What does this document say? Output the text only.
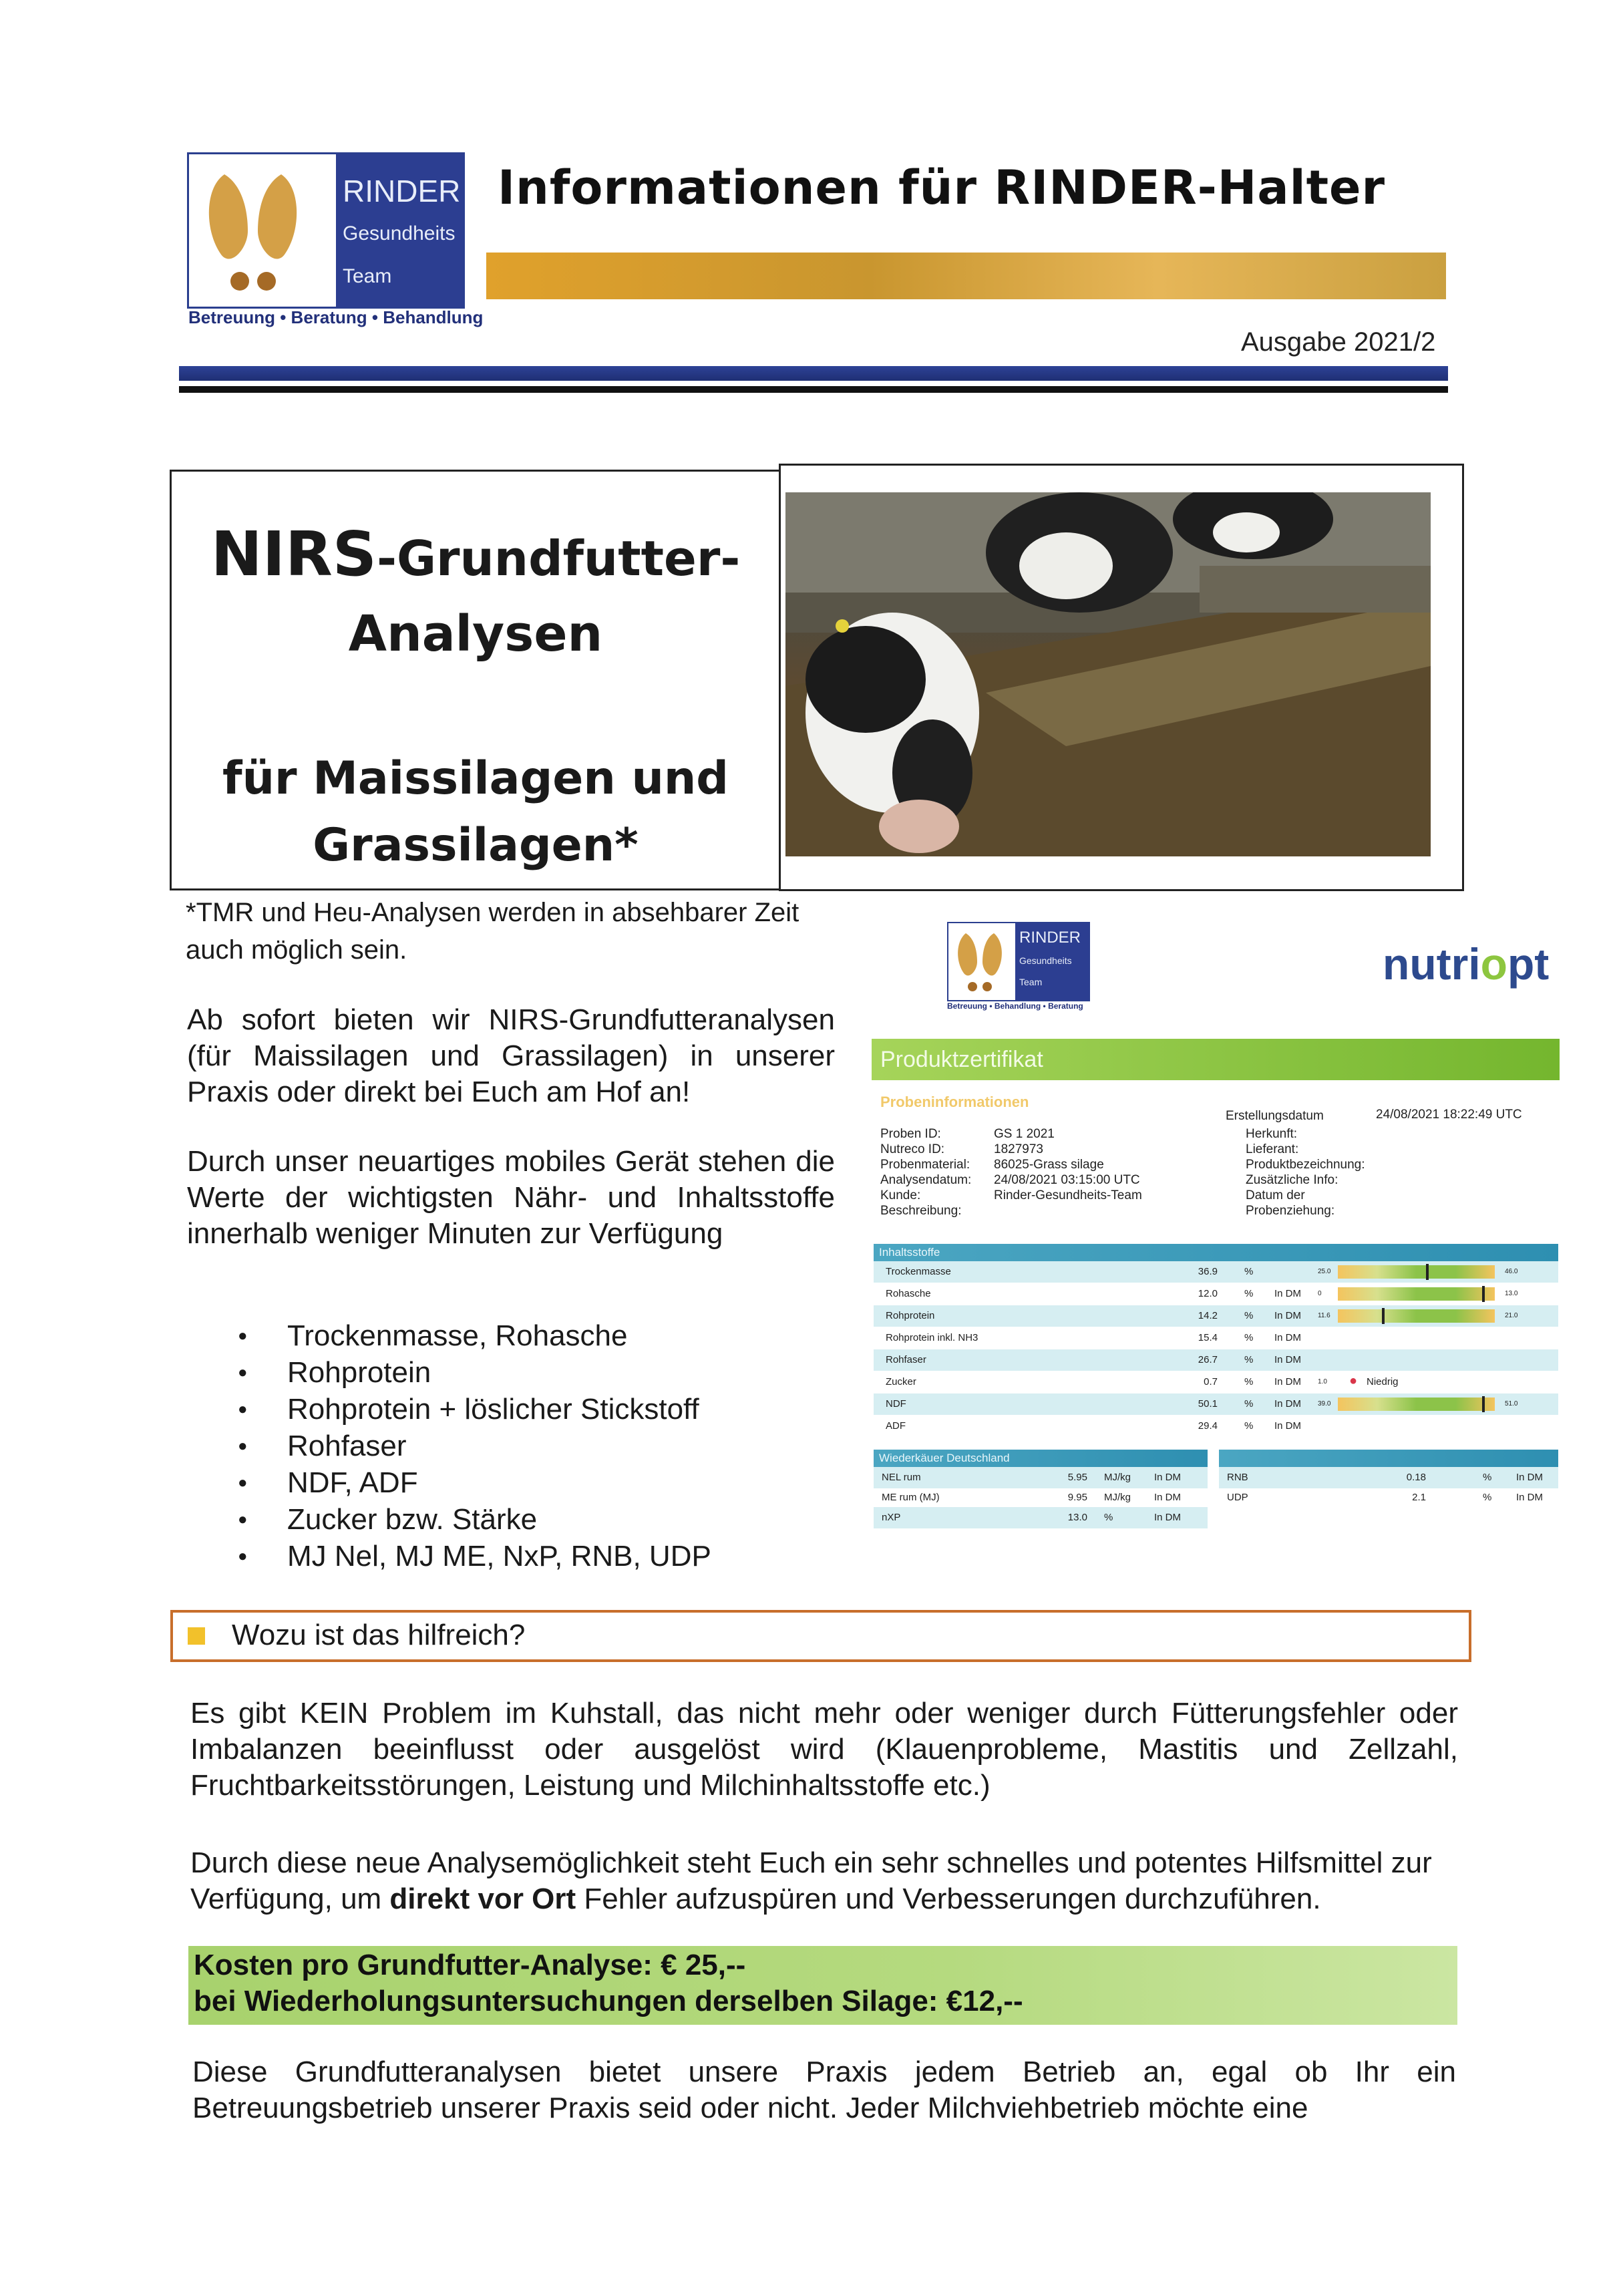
RINDER
Gesundheits
Team
Betreuung • Beratung • Behandlung
Informationen für RINDER-Halter
Ausgabe 2021/2
NIRS-Grundfutter-
Analysen
für Maissilagen und
Grassilagen*
*TMR und Heu-Analysen werden in absehbarer Zeit auch möglich sein.
Ab sofort bieten wir NIRS-Grundfutteranalysen (für Maissilagen und Grassilagen) in unserer Praxis oder direkt bei Euch am Hof an!
Durch unser neuartiges mobiles Gerät stehen die Werte der wichtigsten Nähr- und Inhaltsstoffe innerhalb weniger Minuten zur Verfügung
● Trockenmasse, Rohasche
● Rohprotein
● Rohprotein + löslicher Stickstoff
● Rohfaser
● NDF, ADF
● Zucker bzw. Stärke
● MJ Nel, MJ ME, NxP, RNB, UDP
RINDER
Gesundheits
Team
Betreuung • Behandlung • Beratung
nutriopt
Produktzertifikat
Probeninformationen
Erstellungsdatum	24/08/2021 18:22:49 UTC
Proben ID:	GS 1 2021
Nutreco ID:	1827973
Probenmaterial: 86025-Grass silage
Analysendatum: 24/08/2021 03:15:00 UTC
Kunde:	Rinder-Gesundheits-Team
Beschreibung:
Herkunft:
Lieferant:
Produktbezeichnung:
Zusätzliche Info:
Datum der
Probenziehung:
Inhaltsstoffe
Trockenmasse	36.9	%	25.0	46.0
Rohasche	12.0	% In DM 0	13.0
Rohprotein	14.2	% In DM 11.6	21.0
Rohprotein inkl. NH3	15.4	% In DM
Rohfaser	26.7	% In DM
Zucker	0.7	% In DM 1.0 ● Niedrig
NDF	50.1	% In DM 39.0	51.0
ADF	29.4	% In DM
Wiederkäuer Deutschland
NEL rum	5.95 MJ/kg In DM
ME rum (MJ)	9.95 MJ/kg In DM
nXP	13.0 %	In DM
RNB	0.18	% In DM
UDP	2.1	% In DM
Wozu ist das hilfreich?
Es gibt KEIN Problem im Kuhstall, das nicht mehr oder weniger durch Fütterungsfehler oder Imbalanzen beeinflusst oder ausgelöst wird (Klauenprobleme, Mastitis und Zellzahl, Fruchtbarkeitsstörungen, Leistung und Milchinhaltsstoffe etc.)
Durch diese neue Analysemöglichkeit steht Euch ein sehr schnelles und potentes Hilfsmittel zur Verfügung, um direkt vor Ort Fehler aufzuspüren und Verbesserungen durchzuführen.
Kosten pro Grundfutter-Analyse: € 25,--
bei Wiederholungsuntersuchungen derselben Silage: €12,--
Diese Grundfutteranalysen bietet unsere Praxis jedem Betrieb an, egal ob Ihr ein Betreuungsbetrieb unserer Praxis seid oder nicht. Jeder Milchviehbetrieb möchte eine
